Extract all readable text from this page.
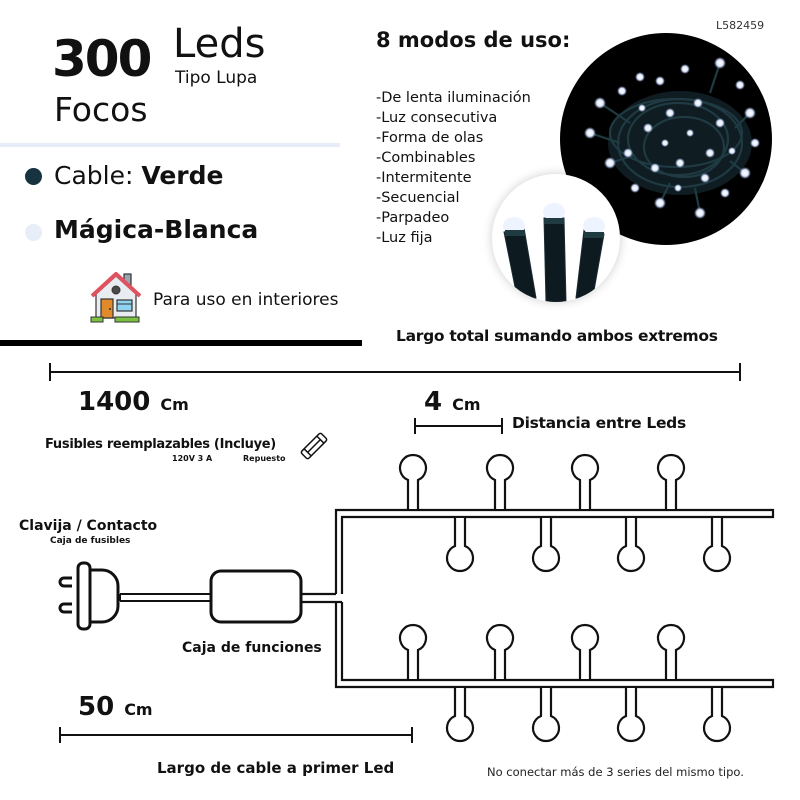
300 Leds
Tipo Lupa
Focos
Cable: Verde
Mágica-Blanca
Para uso en interiores
L582459
8 modos de uso:
-De lenta iluminación
-Luz consecutiva
-Forma de olas
-Combinables
-Intermitente
-Secuencial
-Parpadeo
-Luz fija
Largo total sumando ambos extremos
1400 Cm	4 Cm
Distancia entre Leds
Fusibles reemplazables (Incluye)
120V 3 A	Repuesto
Clavija / Contacto
Caja de fusibles
Caja de funciones
50 Cm
Largo de cable a primer Led	No conectar más de 3 series del mismo tipo.
